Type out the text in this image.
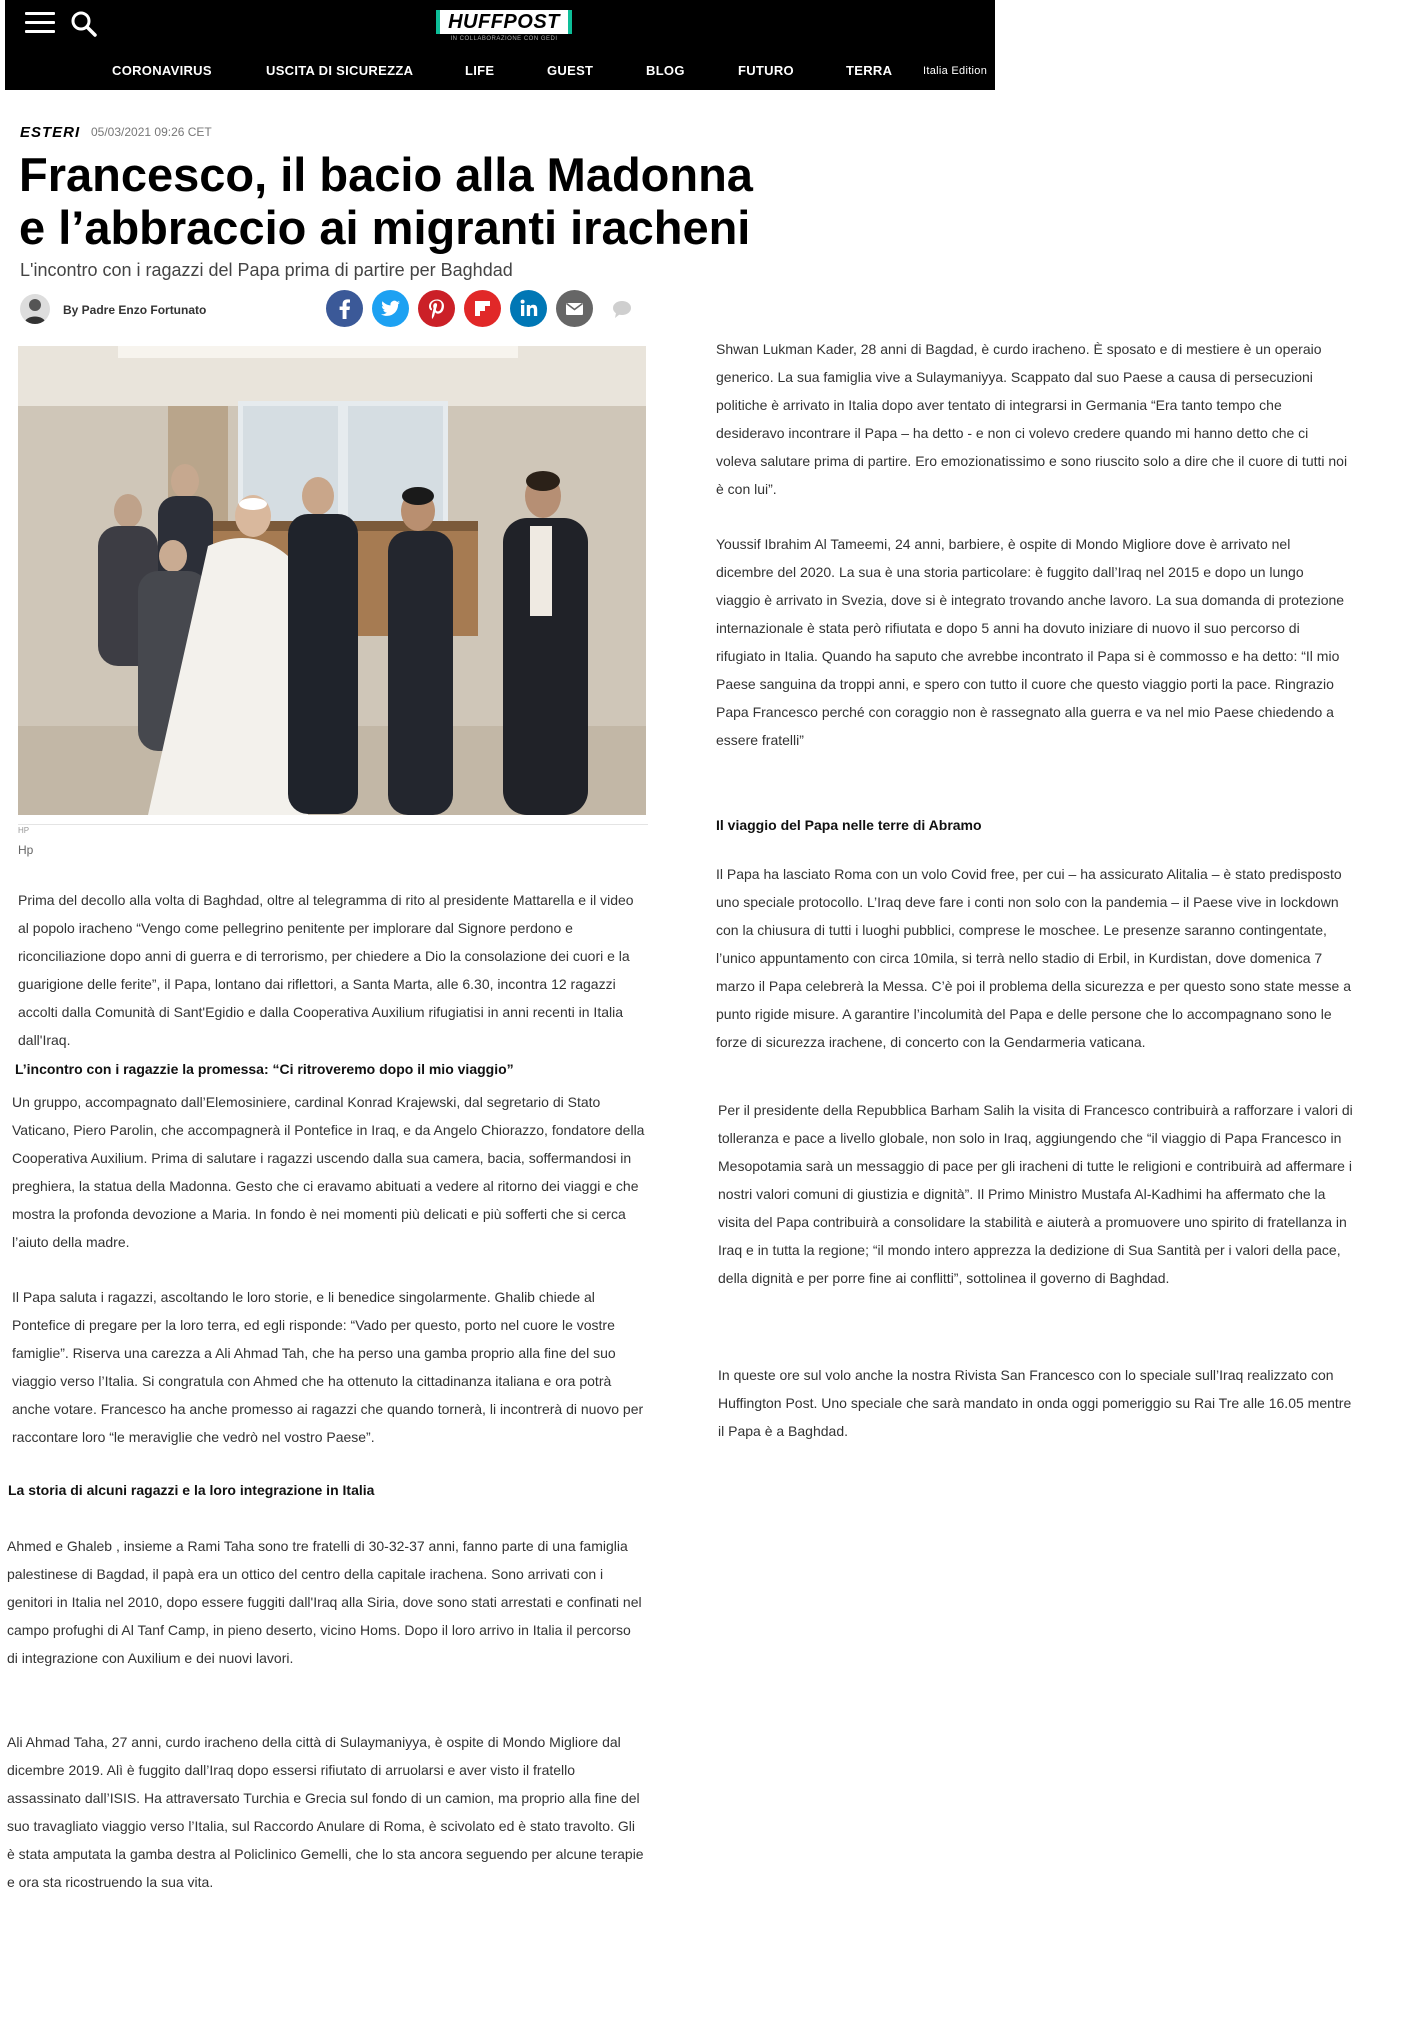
HUFFPOST
IN COLLABORAZIONE CON GEDI
CORONAVIRUS	USCITA DI SICUREZZA	LIFE	GUEST	BLOG	FUTURO	TERRA	Italia Edition
ESTERI 05/03/2021 09:26 CET
Francesco, il bacio alla Madonna e l’abbraccio ai migranti iracheni

L'incontro con i ragazzi del Papa prima di partire per Baghdad

By Padre Enzo Fortunato
HP
Hp

Prima del decollo alla volta di Baghdad, oltre al telegramma di rito al presidente Mattarella e il video al popolo iracheno “Vengo come pellegrino penitente per implorare dal Signore perdono e riconciliazione dopo anni di guerra e di terrorismo, per chiedere a Dio la consolazione dei cuori e la guarigione delle ferite”, il Papa, lontano dai riflettori, a Santa Marta, alle 6.30, incontra 12 ragazzi accolti dalla Comunità di Sant'Egidio e dalla Cooperativa Auxilium rifugiatisi in anni recenti in Italia dall'Iraq.

L’incontro con i ragazzie la promessa: “Ci ritroveremo dopo il mio viaggio”

Un gruppo, accompagnato dall’Elemosiniere, cardinal Konrad Krajewski, dal segretario di Stato Vaticano, Piero Parolin, che accompagnerà il Pontefice in Iraq, e da Angelo Chiorazzo, fondatore della Cooperativa Auxilium. Prima di salutare i ragazzi uscendo dalla sua camera, bacia, soffermandosi in preghiera, la statua della Madonna. Gesto che ci eravamo abituati a vedere al ritorno dei viaggi e che mostra la profonda devozione a Maria. In fondo è nei momenti più delicati e più sofferti che si cerca l’aiuto della madre.

Il Papa saluta i ragazzi, ascoltando le loro storie, e li benedice singolarmente. Ghalib chiede al Pontefice di pregare per la loro terra, ed egli risponde: “Vado per questo, porto nel cuore le vostre famiglie”. Riserva una carezza a Ali Ahmad Tah, che ha perso una gamba proprio alla fine del suo viaggio verso l’Italia. Si congratula con Ahmed che ha ottenuto la cittadinanza italiana e ora potrà anche votare. Francesco ha anche promesso ai ragazzi che quando tornerà, li incontrerà di nuovo per raccontare loro “le meraviglie che vedrò nel vostro Paese”.

La storia di alcuni ragazzi e la loro integrazione in Italia

Ahmed e Ghaleb , insieme a Rami Taha sono tre fratelli di 30-32-37 anni, fanno parte di una famiglia palestinese di Bagdad, il papà era un ottico del centro della capitale irachena. Sono arrivati con i genitori in Italia nel 2010, dopo essere fuggiti dall'Iraq alla Siria, dove sono stati arrestati e confinati nel campo profughi di Al Tanf Camp, in pieno deserto, vicino Homs. Dopo il loro arrivo in Italia il percorso di integrazione con Auxilium e dei nuovi lavori.

Ali Ahmad Taha, 27 anni, curdo iracheno della città di Sulaymaniyya, è ospite di Mondo Migliore dal dicembre 2019. Alì è fuggito dall’Iraq dopo essersi rifiutato di arruolarsi e aver visto il fratello assassinato dall’ISIS. Ha attraversato Turchia e Grecia sul fondo di un camion, ma proprio alla fine del suo travagliato viaggio verso l’Italia, sul Raccordo Anulare di Roma, è scivolato ed è stato travolto. Gli è stata amputata la gamba destra al Policlinico Gemelli, che lo sta ancora seguendo per alcune terapie e ora sta ricostruendo la sua vita.

Shwan Lukman Kader, 28 anni di Bagdad, è curdo iracheno. È sposato e di mestiere è un operaio generico. La sua famiglia vive a Sulaymaniyya. Scappato dal suo Paese a causa di persecuzioni politiche è arrivato in Italia dopo aver tentato di integrarsi in Germania “Era tanto tempo che desideravo incontrare il Papa – ha detto - e non ci volevo credere quando mi hanno detto che ci voleva salutare prima di partire. Ero emozionatissimo e sono riuscito solo a dire che il cuore di tutti noi è con lui”.

Youssif Ibrahim Al Tameemi, 24 anni, barbiere, è ospite di Mondo Migliore dove è arrivato nel dicembre del 2020. La sua è una storia particolare: è fuggito dall’Iraq nel 2015 e dopo un lungo viaggio è arrivato in Svezia, dove si è integrato trovando anche lavoro. La sua domanda di protezione internazionale è stata però rifiutata e dopo 5 anni ha dovuto iniziare di nuovo il suo percorso di rifugiato in Italia. Quando ha saputo che avrebbe incontrato il Papa si è commosso e ha detto: “Il mio Paese sanguina da troppi anni, e spero con tutto il cuore che questo viaggio porti la pace. Ringrazio Papa Francesco perché con coraggio non è rassegnato alla guerra e va nel mio Paese chiedendo a essere fratelli”

Il viaggio del Papa nelle terre di Abramo

Il Papa ha lasciato Roma con un volo Covid free, per cui – ha assicurato Alitalia – è stato predisposto uno speciale protocollo. L’Iraq deve fare i conti non solo con la pandemia – il Paese vive in lockdown con la chiusura di tutti i luoghi pubblici, comprese le moschee. Le presenze saranno contingentate, l’unico appuntamento con circa 10mila, si terrà nello stadio di Erbil, in Kurdistan, dove domenica 7 marzo il Papa celebrerà la Messa. C’è poi il problema della sicurezza e per questo sono state messe a punto rigide misure. A garantire l’incolumità del Papa e delle persone che lo accompagnano sono le forze di sicurezza irachene, di concerto con la Gendarmeria vaticana.

Per il presidente della Repubblica Barham Salih la visita di Francesco contribuirà a rafforzare i valori di tolleranza e pace a livello globale, non solo in Iraq, aggiungendo che “il viaggio di Papa Francesco in Mesopotamia sarà un messaggio di pace per gli iracheni di tutte le religioni e contribuirà ad affermare i nostri valori comuni di giustizia e dignità”. Il Primo Ministro Mustafa Al-Kadhimi ha affermato che la visita del Papa contribuirà a consolidare la stabilità e aiuterà a promuovere uno spirito di fratellanza in Iraq e in tutta la regione; “il mondo intero apprezza la dedizione di Sua Santità per i valori della pace, della dignità e per porre fine ai conflitti”, sottolinea il governo di Baghdad.

In queste ore sul volo anche la nostra Rivista San Francesco con lo speciale sull’Iraq realizzato con Huffington Post. Uno speciale che sarà mandato in onda oggi pomeriggio su Rai Tre alle 16.05 mentre il Papa è a Baghdad.
